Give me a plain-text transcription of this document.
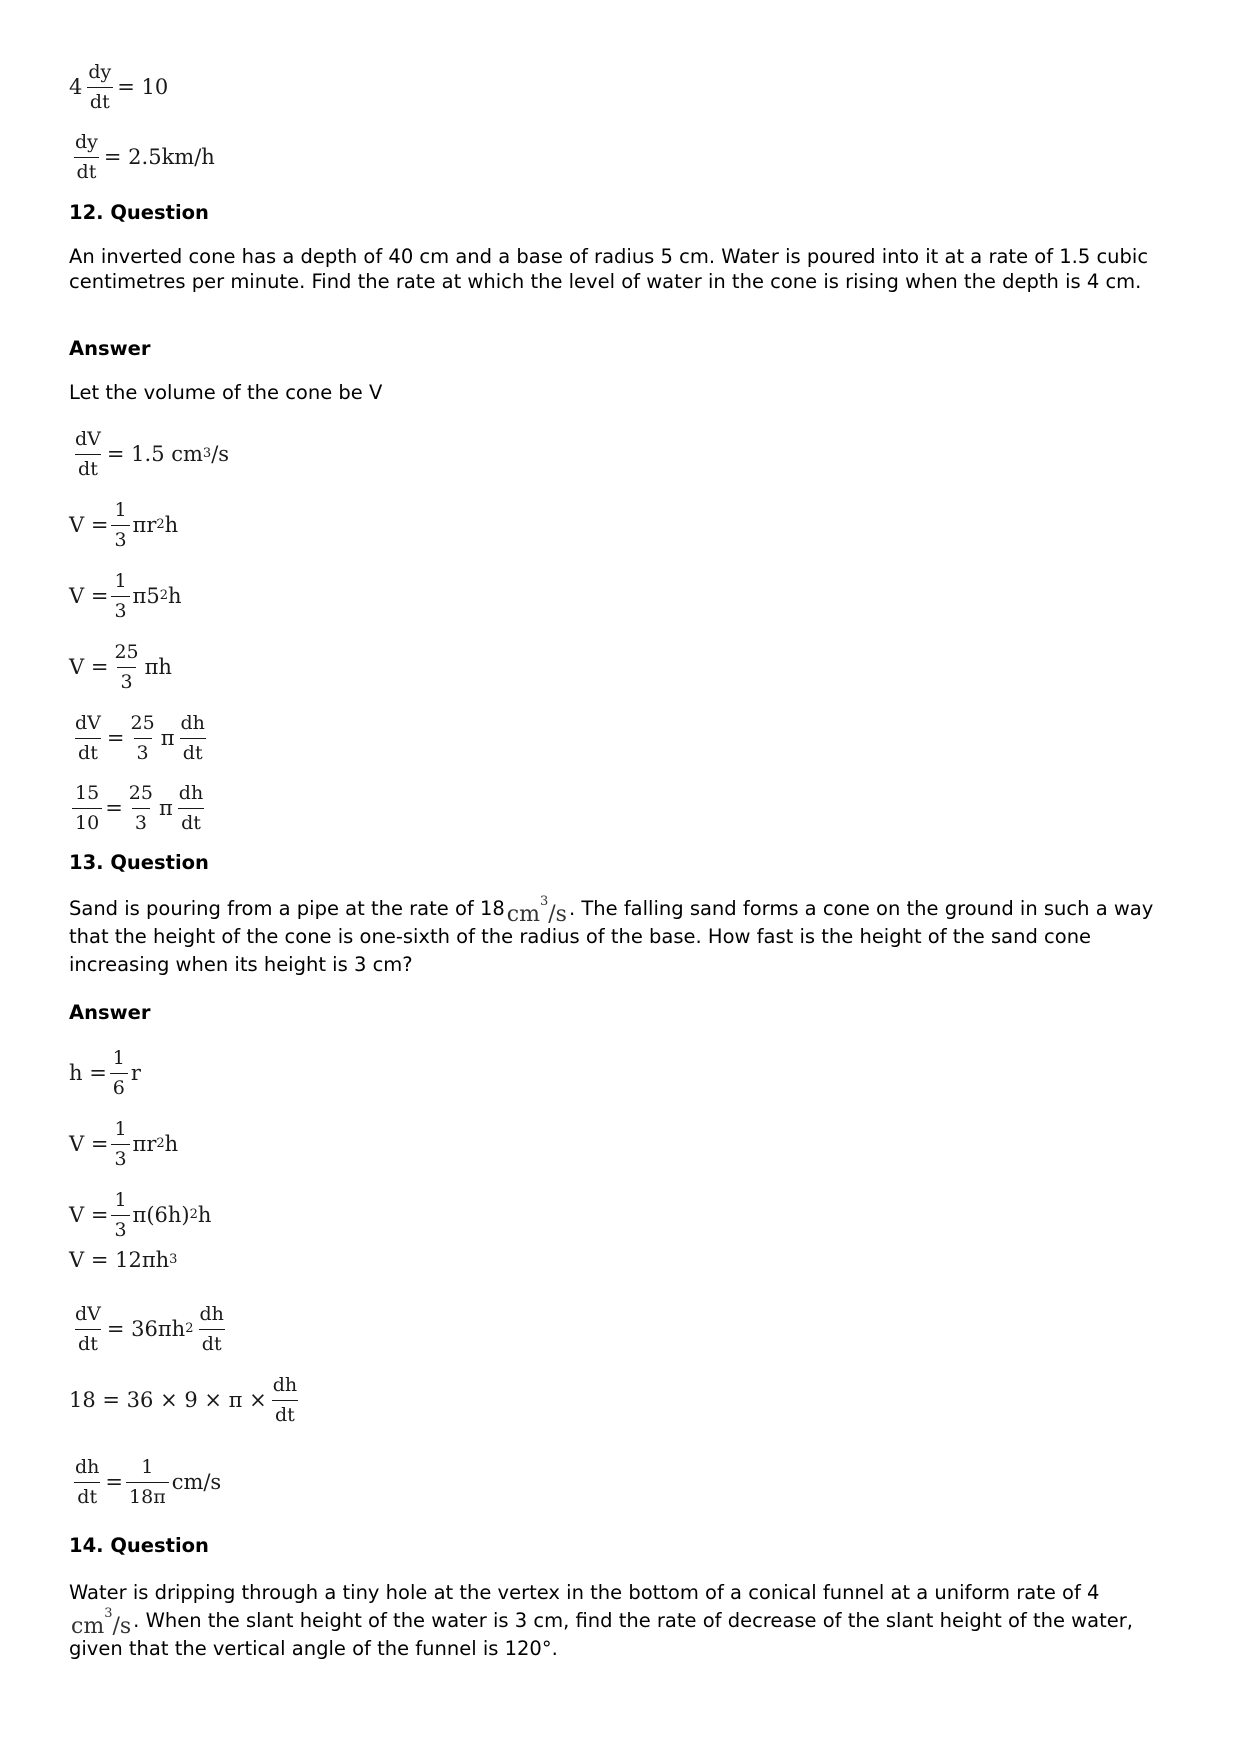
$4 \frac{dy}{dt} = 10$
$\frac{dy}{dt} = 2.5km/h$
12. Question
An inverted cone has a depth of 40 cm and a base of radius 5 cm. Water is poured into it at a rate of 1.5 cubic centimetres per minute. Find the rate at which the level of water in the cone is rising when the depth is 4 cm.
Answer
Let the volume of the cone be V
$\frac{dV}{dt} = 1.5$ cm 3 /s
$V = \frac{1}{3}$ πr 2 h
$V = \frac{1}{3} \pi 5$ 2 h
$V = \frac{25}{3}$ πh
$\frac{dV}{dt} = \frac{25}{3}$ π $\frac{dh}{dt}$
$\frac{15}{10} = \frac{25}{3}$ π $\frac{dh}{dt}$
13. Question
Sand is pouring from a pipe at the rate of $18cm^3/s$ . The falling sand forms a cone on the ground in such a way that the height of the cone is one-sixth of the radius of the base. How fast is the height of the sand cone increasing when its height is 3 cm?
Answer
$h = \frac{1}{6}$ r
$V = \frac{1}{3}$ πr 2 h
$V = \frac{1}{3} \pi(6h)$ 2 h
V = 12πh 3
$\frac{dV}{dt} = 36\pi h$ $2 \frac{dh}{dt}$
$18 = 36 \times 9 \times \pi \times \frac{dh}{dt}$
$\frac{dh}{dt} = \frac{1}{18\pi} cm/s$
14. Question
Water is dripping through a tiny hole at the vertex in the bottom of a conical funnel at a uniform rate of 4
$cm^3/s$ . When the slant height of the water is 3 cm, find the rate of decrease of the slant height of the water, given that the vertical angle of the funnel is 120°.
